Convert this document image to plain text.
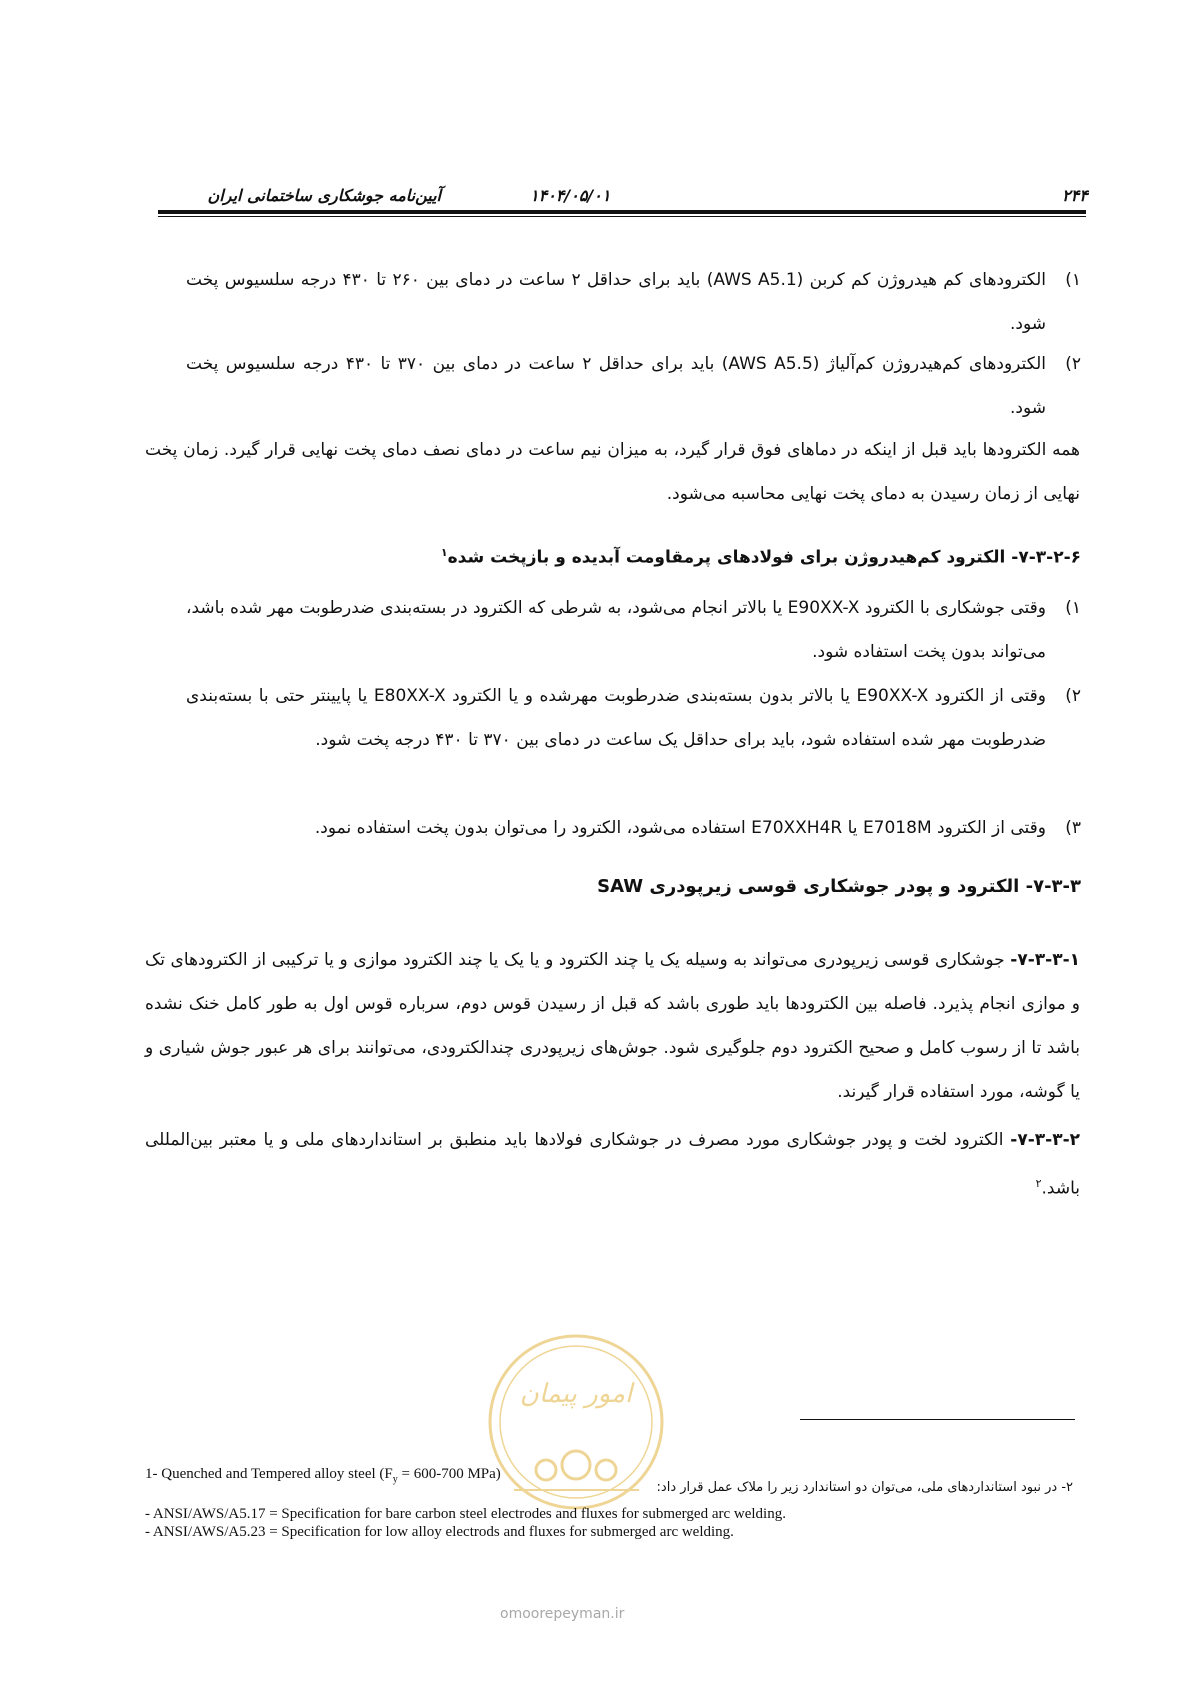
آیین‌نامه جوشکاری ساختمانی ایران	۱۴۰۴/۰۵/۰۱	۲۴۴
۱)
الکترودهای کم هیدروژن کم کربن (AWS A5.1) باید برای حداقل ۲ ساعت در دمای بین ۲۶۰ تا ۴۳۰ درجه سلسیوس پخت شود.
۲)
الکترودهای کم‌هیدروژن کم‌آلیاژ (AWS A5.5) باید برای حداقل ۲ ساعت در دمای بین ۳۷۰ تا ۴۳۰ درجه سلسیوس پخت شود.
همه الکترودها باید قبل از اینکه در دماهای فوق قرار گیرد، به میزان نیم ساعت در دمای نصف دمای پخت نهایی قرار گیرد. زمان پخت نهایی از زمان رسیدن به دمای پخت نهایی محاسبه می‌شود.
۷-۳-۲-۶- الکترود کم‌هیدروژن برای فولادهای پرمقاومت آبدیده و بازپخت شده$^۱$
۱)
وقتی جوشکاری با الکترود E90XX-X یا بالاتر انجام می‌شود، به شرطی که الکترود در بسته‌بندی ضدرطوبت مهر شده باشد، می‌تواند بدون پخت استفاده شود.
۲)
وقتی از الکترود E90XX-X یا بالاتر بدون بسته‌بندی ضدرطوبت مهرشده و یا الکترود E80XX-X یا پایینتر حتی با بسته‌بندی ضدرطوبت مهر شده استفاده شود، باید برای حداقل یک ساعت در دمای بین ۳۷۰ تا ۴۳۰ درجه پخت شود.
۳)
وقتی از الکترود E7018M یا E70XXH4R استفاده می‌شود، الکترود را می‌توان بدون پخت استفاده نمود.
۷-۳-۳- الکترود و پودر جوشکاری قوسی زیرپودری SAW
۷-۳-۳-۱- جوشکاری قوسی زیرپودری می‌تواند به وسیله یک یا چند الکترود و یا یک یا چند الکترود موازی و یا ترکیبی از الکترودهای تک و موازی انجام پذیرد. فاصله بین الکترودها باید طوری باشد که قبل از رسیدن قوس دوم، سرباره قوس اول به طور کامل خنک نشده باشد تا از رسوب کامل و صحیح الکترود دوم جلوگیری شود. جوش‌های زیرپودری چندالکترودی، می‌توانند برای هر عبور جوش شیاری و یا گوشه، مورد استفاده قرار گیرند.
۷-۳-۳-۲- الکترود لخت و پودر جوشکاری مورد مصرف در جوشکاری فولادها باید منطبق بر استانداردهای ملی و یا معتبر بین‌المللی باشد.$^۲$
امور پیمان
1- Quenched and Tempered alloy steel ($F_y = 600-700$ MPa)
۲- در نبود استانداردهای ملی، می‌توان دو استاندارد زیر را ملاک عمل قرار داد:
- ANSI/AWS/A5.17 = Specification for bare carbon steel electrodes and fluxes for submerged arc welding.
- ANSI/AWS/A5.23 = Specification for low alloy electrods and fluxes for submerged arc welding.
omoorepeyman.ir
